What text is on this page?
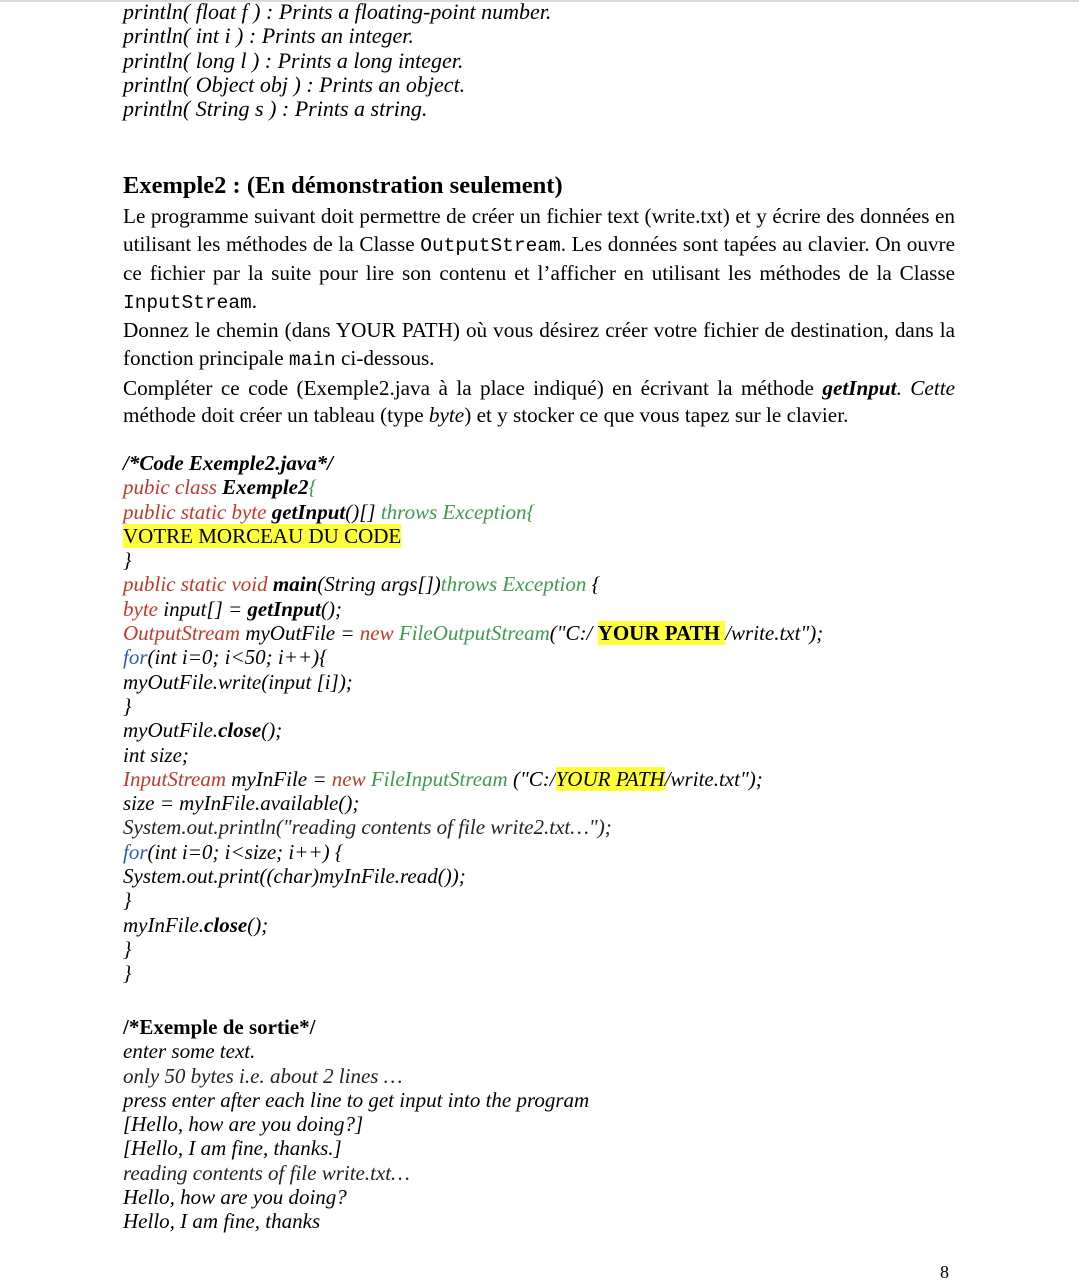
println( float f ) : Prints a floating-point number.
println( int i ) : Prints an integer.
println( long l ) : Prints a long integer.
println( Object obj ) : Prints an object.
println( String s ) : Prints a string.
Exemple2 : (En démonstration seulement)

Le programme suivant doit permettre de créer un fichier text (write.txt) et y écrire des données en utilisant les méthodes de la Classe OutputStream. Les données sont tapées au clavier. On ouvre ce fichier par la suite pour lire son contenu et l’afficher en utilisant les méthodes de la Classe InputStream.

Donnez le chemin (dans YOUR PATH) où vous désirez créer votre fichier de destination, dans la fonction principale main ci-dessous.

Compléter ce code (Exemple2.java à la place indiqué) en écrivant la méthode getInput. Cette méthode doit créer un tableau (type byte) et y stocker ce que vous tapez sur le clavier.

/*Code Exemple2.java*/
pubic class Exemple2{
public static byte getInput()[] throws Exception{
VOTRE MORCEAU DU CODE
}
public static void main(String args[])throws Exception {
byte input[] = getInput();
OutputStream myOutFile = new FileOutputStream("C:/ YOUR PATH /write.txt");
for(int i=0; i<50; i++){
myOutFile.write(input [i]);
}
myOutFile.close();
int size;
InputStream myInFile = new FileInputStream ("C:/YOUR PATH/write.txt");
size = myInFile.available();
System.out.println("reading contents of file write2.txt…");
for(int i=0; i<size; i++) {
System.out.print((char)myInFile.read());
}
myInFile.close();
}
}
/*Exemple de sortie*/
enter some text.
only 50 bytes i.e. about 2 lines …
press enter after each line to get input into the program
[Hello, how are you doing?]
[Hello, I am fine, thanks.]
reading contents of file write.txt…
Hello, how are you doing?
Hello, I am fine, thanks
8
